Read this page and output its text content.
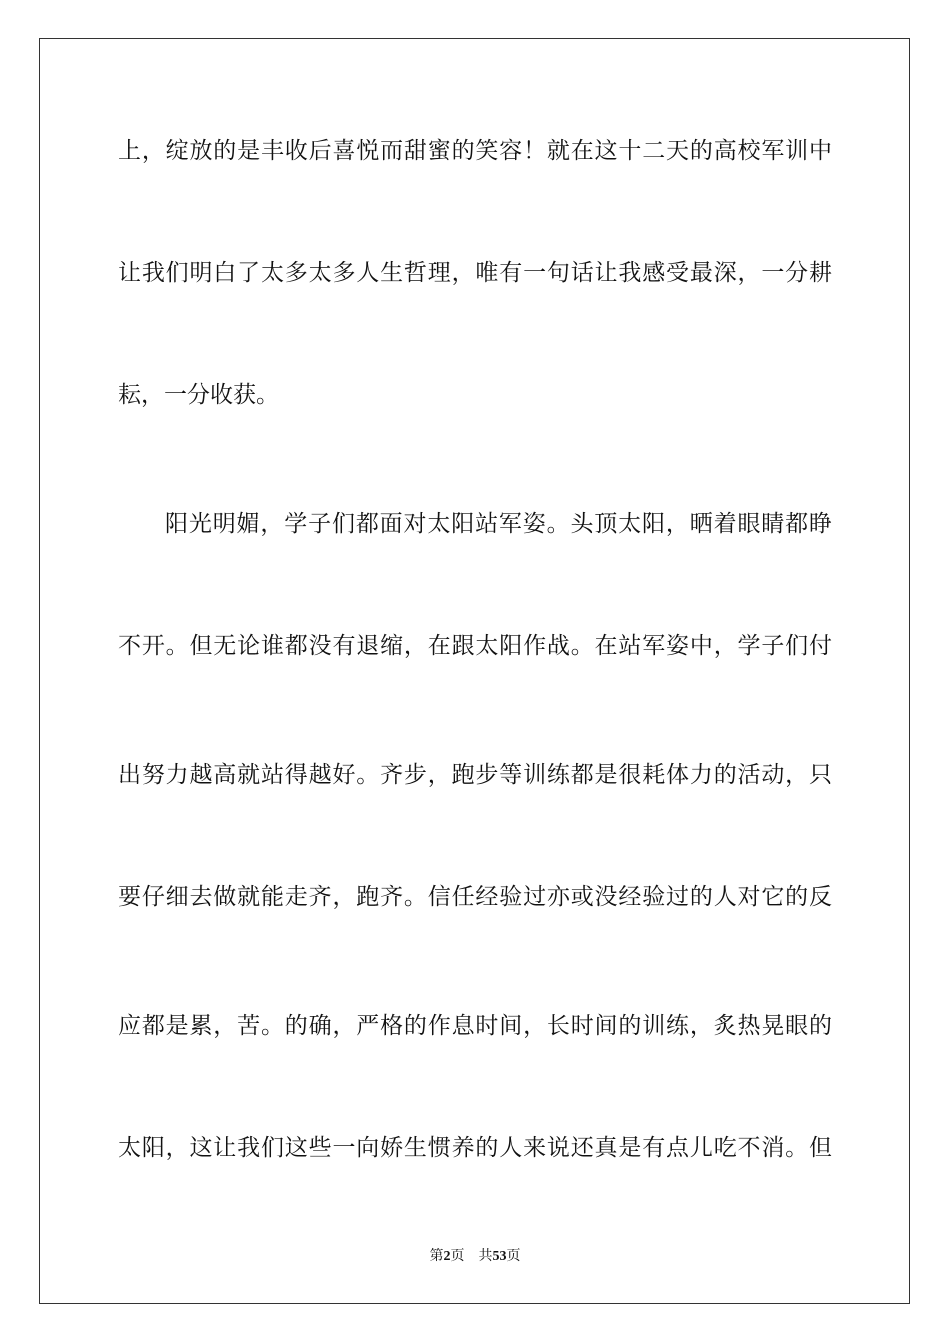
上，绽放的是丰收后喜悦而甜蜜的笑容！就在这十二天的高校军训中
让我们明白了太多太多人生哲理，唯有一句话让我感受最深，一分耕
耘，一分收获。
阳光明媚，学子们都面对太阳站军姿。头顶太阳，晒着眼睛都睁
不开。但无论谁都没有退缩，在跟太阳作战。在站军姿中，学子们付
出努力越高就站得越好。齐步，跑步等训练都是很耗体力的活动，只
要仔细去做就能走齐，跑齐。信任经验过亦或没经验过的人对它的反
应都是累，苦。的确，严格的作息时间，长时间的训练，炙热晃眼的
太阳，这让我们这些一向娇生惯养的人来说还真是有点儿吃不消。但
第2页 共53页
